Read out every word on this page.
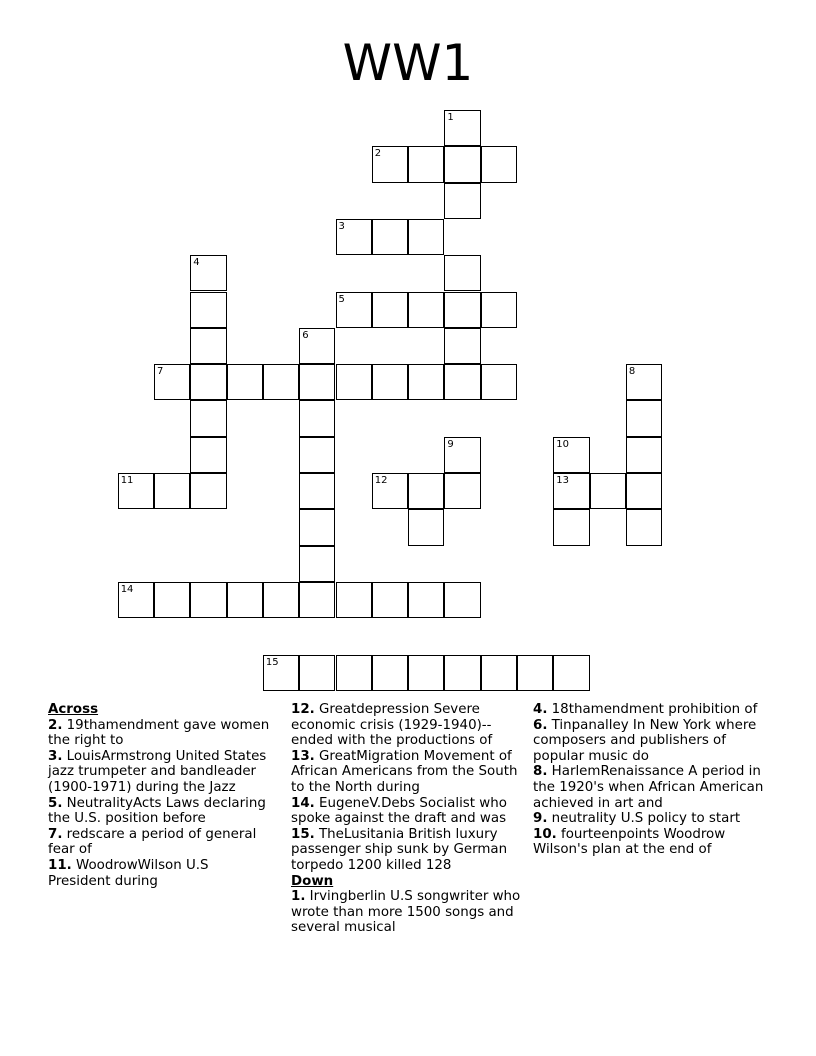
WW1
1
2
3
4
5
6
7	8
9	10
11	12	13
14
15

Across

2. 19thamendment gave women the right to

3. LouisArmstrong United States jazz trumpeter and bandleader (1900-1971) during the Jazz

5. NeutralityActs Laws declaring the U.S. position before

7. redscare a period of general fear of

11. WoodrowWilson U.S President during

12. Greatdepression Severe economic crisis (1929-1940)--ended with the productions of

13. GreatMigration Movement of African Americans from the South to the North during

14. EugeneV.Debs Socialist who spoke against the draft and was

15. TheLusitania British luxury passenger ship sunk by German torpedo 1200 killed 128

Down

1. Irvingberlin U.S songwriter who wrote than more 1500 songs and several musical

4. 18thamendment prohibition of

6. Tinpanalley In New York where composers and publishers of popular music do

8. HarlemRenaissance A period in the 1920's when African American achieved in art and

9. neutrality U.S policy to start

10. fourteenpoints Woodrow Wilson's plan at the end of
